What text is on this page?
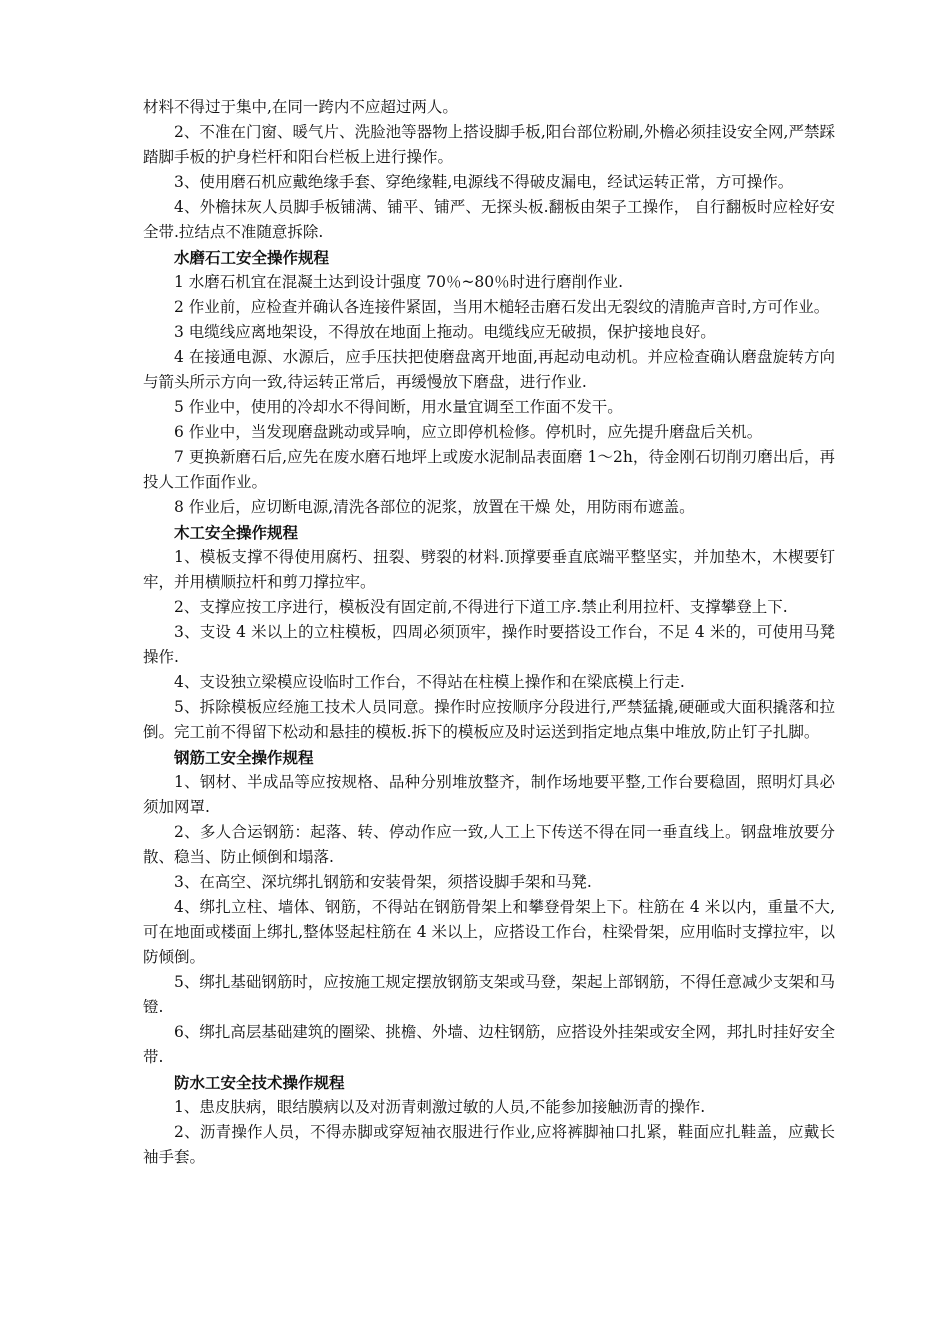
材料不得过于集中,在同一跨内不应超过两人。

2、不准在门窗、暖气片、洗脸池等器物上搭设脚手板,阳台部位粉刷,外檐必须挂设安全网,严禁踩踏脚手板的护身栏杆和阳台栏板上进行操作。

3、使用磨石机应戴绝缘手套、穿绝缘鞋,电源线不得破皮漏电，经试运转正常，方可操作。

4、外檐抹灰人员脚手板铺满、铺平、铺严、无探头板.翻板由架子工操作， 自行翻板时应栓好安全带.拉结点不准随意拆除.

水磨石工安全操作规程

1 水磨石机宜在混凝土达到设计强度 70％~80％时进行磨削作业.

2 作业前，应检查并确认各连接件紧固，当用木槌轻击磨石发出无裂纹的清脆声音时,方可作业。

3 电缆线应离地架设，不得放在地面上拖动。电缆线应无破损，保护接地良好。

4 在接通电源、水源后，应手压扶把使磨盘离开地面,再起动电动机。并应检查确认磨盘旋转方向与箭头所示方向一致,待运转正常后，再缓慢放下磨盘，进行作业.

5 作业中，使用的冷却水不得间断，用水量宜调至工作面不发干。

6 作业中，当发现磨盘跳动或异响，应立即停机检修。停机时，应先提升磨盘后关机。

7 更换新磨石后,应先在废水磨石地坪上或废水泥制品表面磨 1～2h，待金刚石切削刃磨出后，再投人工作面作业。

8 作业后，应切断电源,清洗各部位的泥浆，放置在干燥 处，用防雨布遮盖。

木工安全操作规程

1、模板支撑不得使用腐朽、扭裂、劈裂的材料.顶撑要垂直底端平整坚实，并加垫木，木楔要钉牢，并用横顺拉杆和剪刀撑拉牢。

2、支撑应按工序进行，模板没有固定前,不得进行下道工序.禁止利用拉杆、支撑攀登上下.

3、支设 4 米以上的立柱模板，四周必须顶牢，操作时要搭设工作台，不足 4 米的，可使用马凳操作.

4、支设独立梁模应设临时工作台，不得站在柱模上操作和在梁底模上行走.

5、拆除模板应经施工技术人员同意。操作时应按顺序分段进行,严禁猛撬,硬砸或大面积撬落和拉倒。完工前不得留下松动和悬挂的模板.拆下的模板应及时运送到指定地点集中堆放,防止钉子扎脚。

钢筋工安全操作规程

1、钢材、半成品等应按规格、品种分别堆放整齐，制作场地要平整,工作台要稳固，照明灯具必须加网罩.

2、多人合运钢筋：起落、转、停动作应一致,人工上下传送不得在同一垂直线上。钢盘堆放要分散、稳当、防止倾倒和塌落.

3、在高空、深坑绑扎钢筋和安装骨架，须搭设脚手架和马凳.

4、绑扎立柱、墙体、钢筋，不得站在钢筋骨架上和攀登骨架上下。柱筋在 4 米以内，重量不大,可在地面或楼面上绑扎,整体竖起柱筋在 4 米以上，应搭设工作台，柱梁骨架，应用临时支撑拉牢，以防倾倒。

5、绑扎基础钢筋时，应按施工规定摆放钢筋支架或马登，架起上部钢筋，不得任意减少支架和马镫.

6、绑扎高层基础建筑的圈梁、挑檐、外墙、边柱钢筋，应搭设外挂架或安全网，邦扎时挂好安全带.

防水工安全技术操作规程

1、患皮肤病，眼结膜病以及对沥青刺激过敏的人员,不能参加接触沥青的操作.

2、沥青操作人员，不得赤脚或穿短袖衣服进行作业,应将裤脚袖口扎紧，鞋面应扎鞋盖，应戴长袖手套。
